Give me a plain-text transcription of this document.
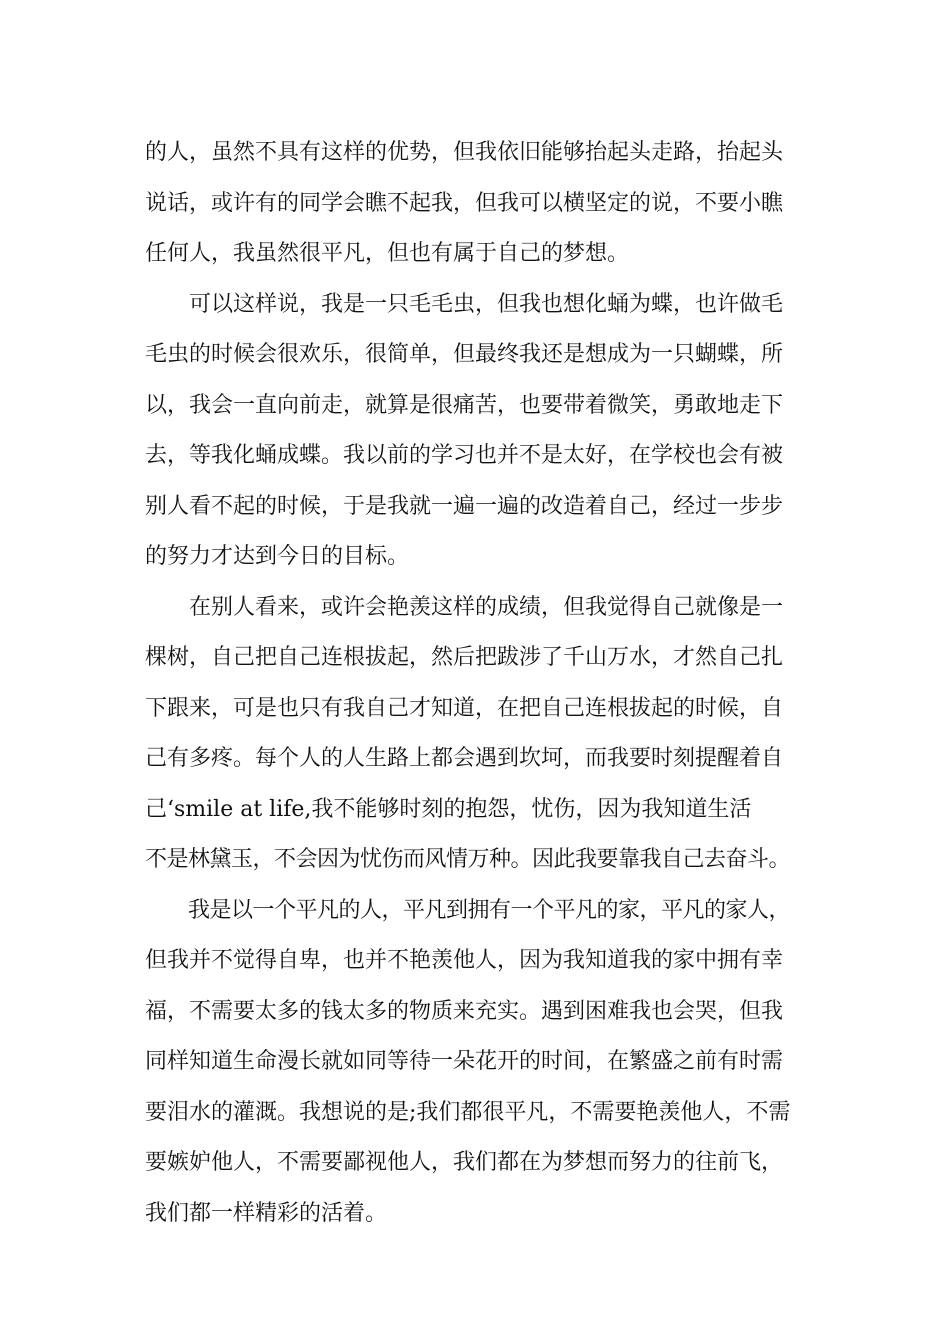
的人，虽然不具有这样的优势，但我依旧能够抬起头走路，抬起头
说话，或许有的同学会瞧不起我，但我可以横坚定的说，不要小瞧
任何人，我虽然很平凡，但也有属于自己的梦想。
　　可以这样说，我是一只毛毛虫，但我也想化蛹为蝶，也许做毛
毛虫的时候会很欢乐，很简单，但最终我还是想成为一只蝴蝶，所
以，我会一直向前走，就算是很痛苦，也要带着微笑，勇敢地走下
去，等我化蛹成蝶。我以前的学习也并不是太好，在学校也会有被
别人看不起的时候，于是我就一遍一遍的改造着自己，经过一步步
的努力才达到今日的目标。
　　在别人看来，或许会艳羡这样的成绩，但我觉得自己就像是一
棵树，自己把自己连根拔起，然后把跋涉了千山万水，才然自己扎
下跟来，可是也只有我自己才知道，在把自己连根拔起的时候，自
己有多疼。每个人的人生路上都会遇到坎坷，而我要时刻提醒着自
己‘smile at life,我不能够时刻的抱怨，忧伤，因为我知道生活
不是林黛玉，不会因为忧伤而风情万种。因此我要靠我自己去奋斗。
　　我是以一个平凡的人，平凡到拥有一个平凡的家，平凡的家人，
但我并不觉得自卑，也并不艳羡他人，因为我知道我的家中拥有幸
福，不需要太多的钱太多的物质来充实。遇到困难我也会哭，但我
同样知道生命漫长就如同等待一朵花开的时间，在繁盛之前有时需
要泪水的灌溉。我想说的是;我们都很平凡，不需要艳羡他人，不需
要嫉妒他人，不需要鄙视他人，我们都在为梦想而努力的往前飞，
我们都一样精彩的活着。
